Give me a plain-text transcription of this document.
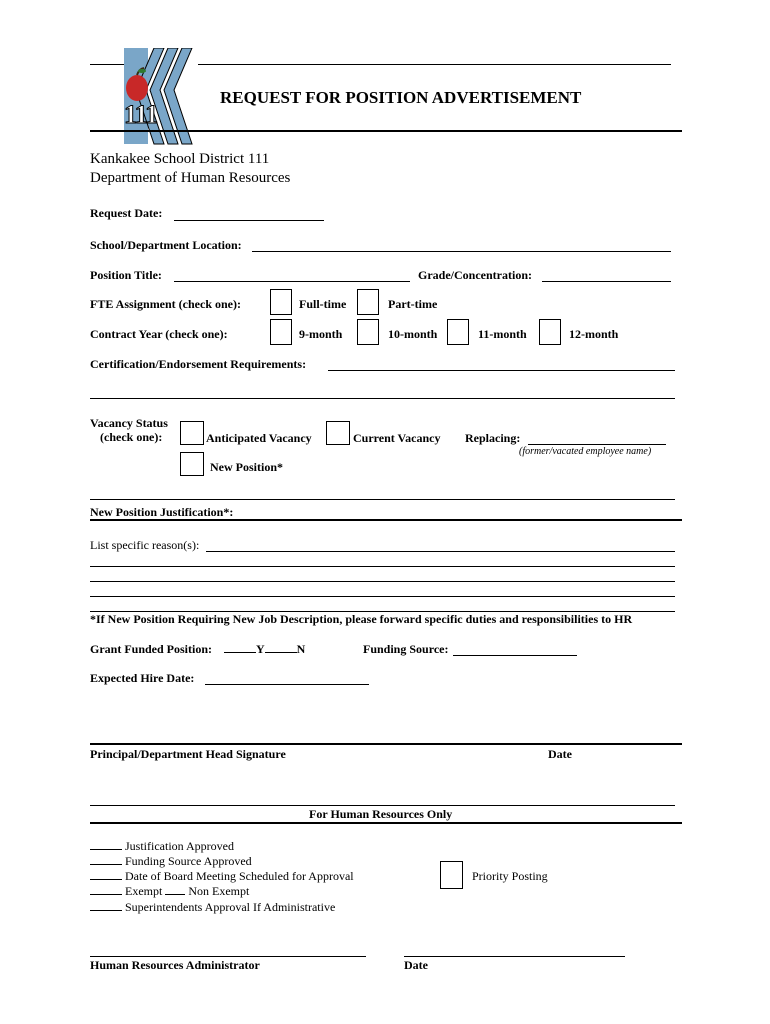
111
REQUEST FOR POSITION ADVERTISEMENT
Kankakee School District 111
Department of Human Resources
Request Date:
School/Department Location:
Position Title:	Grade/Concentration:
FTE Assignment (check one):	Full-time	Part-time
Contract Year (check one):	9-month	10-month	11-month	12-month
Certification/Endorsement Requirements:
Vacancy Status
(check one):	Anticipated Vacancy	Current Vacancy Replacing:
(former/vacated employee name)
New Position*
New Position Justification*:
List specific reason(s):
*If New Position Requiring New Job Description, please forward specific duties and responsibilities to HR
Grant Funded Position:	Y	N	Funding Source:
Expected Hire Date:
Principal/Department Head Signature	Date
For Human Resources Only
Justification Approved
Funding Source Approved
Date of Board Meeting Scheduled for Approval
Exempt Non Exempt
Superintendents Approval If Administrative
Priority Posting
Human Resources Administrator	Date
